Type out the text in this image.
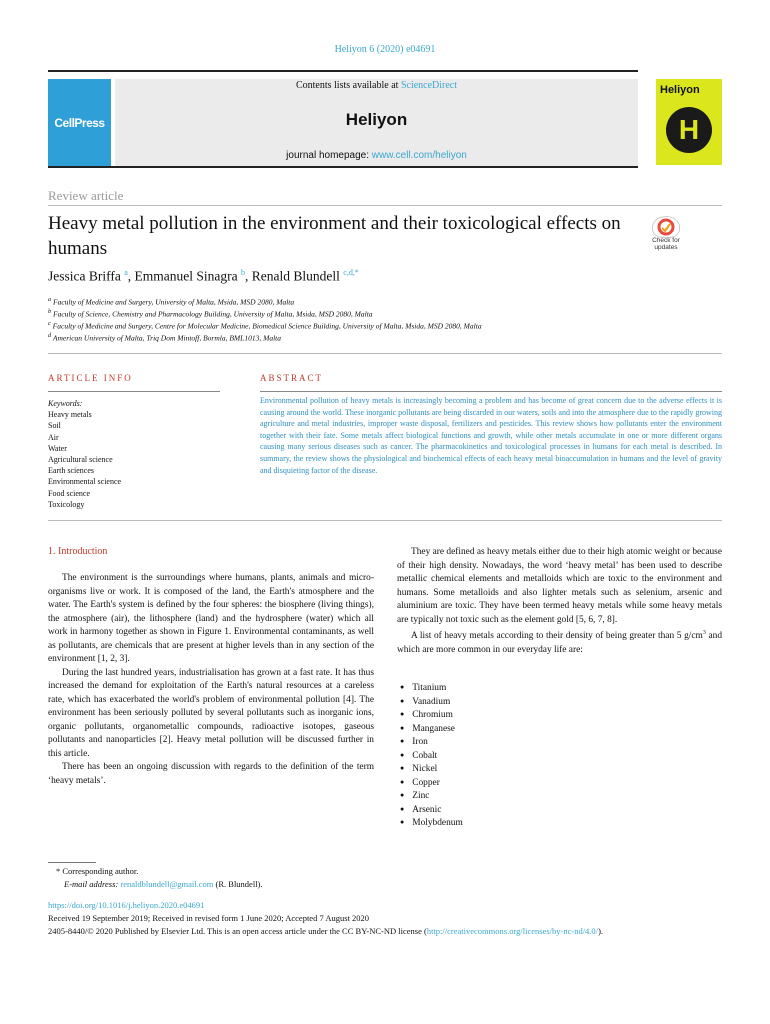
Heliyon 6 (2020) e04691
CellPress
Contents lists available at ScienceDirect
Heliyon
journal homepage: www.cell.com/heliyon
Heliyon
H
Review article
Heavy metal pollution in the environment and their toxicological effects on humans	Check for updates
Jessica Briffa $^a$, Emmanuel Sinagra $^b$, Renald Blundell $^{c,d,*}$
$^a$ Faculty of Medicine and Surgery, University of Malta, Msida, MSD 2080, Malta
$^b$ Faculty of Science, Chemistry and Pharmacology Building, University of Malta, Msida, MSD 2080, Malta
$^c$ Faculty of Medicine and Surgery, Centre for Molecular Medicine, Biomedical Science Building, University of Malta, Msida, MSD 2080, Malta
$^d$ American University of Malta, Triq Dom Mintoff, Bormla, BML1013, Malta
ARTICLE INFO
Keywords:
Heavy metals
Soil
Air
Water
Agricultural science
Earth sciences
Environmental science
Food science
Toxicology
ABSTRACT
Environmental pollution of heavy metals is increasingly becoming a problem and has become of great concern due to the adverse effects it is causing around the world. These inorganic pollutants are being discarded in our waters, soils and into the atmosphere due to the rapidly growing agriculture and metal industries, improper waste disposal, fertilizers and pesticides. This review shows how pollutants enter the environment together with their fate. Some metals affect biological functions and growth, while other metals accumulate in one or more different organs causing many serious diseases such as cancer. The pharmacokinetics and toxicological processes in humans for each metal is described. In summary, the review shows the physiological and biochemical effects of each heavy metal bioaccumulation in humans and the level of gravity and disquieting factor of the disease.
1. Introduction

The environment is the surroundings where humans, plants, animals and micro-organisms live or work. It is composed of the land, the Earth's atmosphere and the water. The Earth's system is defined by the four spheres: the biosphere (living things), the atmosphere (air), the lithosphere (land) and the hydrosphere (water) which all work in harmony together as shown in Figure 1. Environmental contaminants, as well as pollutants, are chemicals that are present at higher levels than in any section of the environment [1, 2, 3].

During the last hundred years, industrialisation has grown at a fast rate. It has thus increased the demand for exploitation of the Earth's natural resources at a careless rate, which has exacerbated the world's problem of environmental pollution [4]. The environment has been seriously polluted by several pollutants such as inorganic ions, organic pollutants, organometallic compounds, radioactive isotopes, gaseous pollutants and nanoparticles [2]. Heavy metal pollution will be discussed further in this article.

There has been an ongoing discussion with regards to the definition of the term ‘heavy metals’.

They are defined as heavy metals either due to their high atomic weight or because of their high density. Nowadays, the word ‘heavy metal’ has been used to describe metallic chemical elements and metalloids which are toxic to the environment and humans. Some metalloids and also lighter metals such as selenium, arsenic and aluminium are toxic. They have been termed heavy metals while some heavy metals are typically not toxic such as the element gold [5, 6, 7, 8].

A list of heavy metals according to their density of being greater than 5 $g/cm^3$ and which are more common in our everyday life are:

● Titanium
● Vanadium
● Chromium
● Manganese
● Iron
● Cobalt
● Nickel
● Copper
● Zinc
● Arsenic
● Molybdenum
* Corresponding author.
E-mail address: renaldblundell@gmail.com (R. Blundell).
https://doi.org/10.1016/j.heliyon.2020.e04691
Received 19 September 2019; Received in revised form 1 June 2020; Accepted 7 August 2020
2405-8440/© 2020 Published by Elsevier Ltd. This is an open access article under the CC BY-NC-ND license (http://creativecommons.org/licenses/by-nc-nd/4.0/).
